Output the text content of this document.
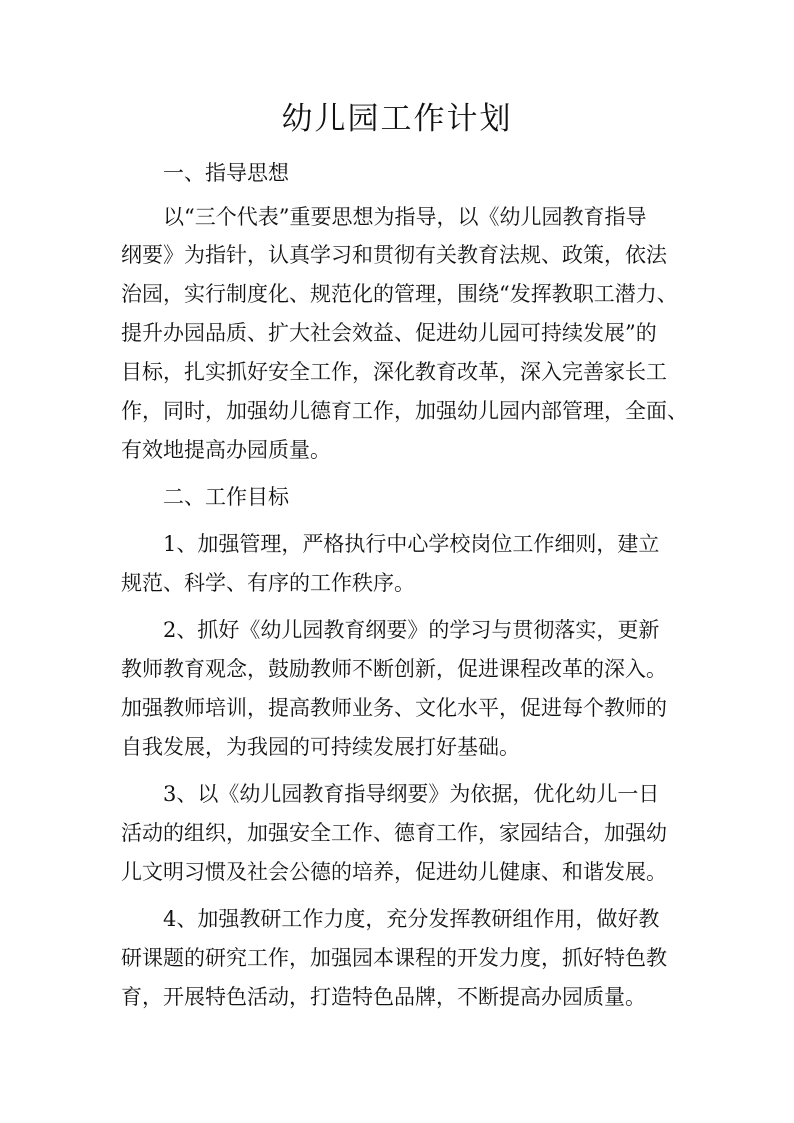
幼儿园工作计划

一、指导思想

以“三个代表”重要思想为指导，以《幼儿园教育指导

纲要》为指针，认真学习和贯彻有关教育法规、政策，依法

治园，实行制度化、规范化的管理，围绕“发挥教职工潜力、

提升办园品质、扩大社会效益、促进幼儿园可持续发展”的

目标，扎实抓好安全工作，深化教育改革，深入完善家长工

作，同时，加强幼儿德育工作，加强幼儿园内部管理，全面、

有效地提高办园质量。

二、工作目标

1、加强管理，严格执行中心学校岗位工作细则，建立

规范、科学、有序的工作秩序。

2、抓好《幼儿园教育纲要》的学习与贯彻落实，更新

教师教育观念，鼓励教师不断创新，促进课程改革的深入。

加强教师培训，提高教师业务、文化水平，促进每个教师的

自我发展，为我园的可持续发展打好基础。

3、以《幼儿园教育指导纲要》为依据，优化幼儿一日

活动的组织，加强安全工作、德育工作，家园结合，加强幼

儿文明习惯及社会公德的培养，促进幼儿健康、和谐发展。

4、加强教研工作力度，充分发挥教研组作用，做好教

研课题的研究工作，加强园本课程的开发力度，抓好特色教

育，开展特色活动，打造特色品牌，不断提高办园质量。
